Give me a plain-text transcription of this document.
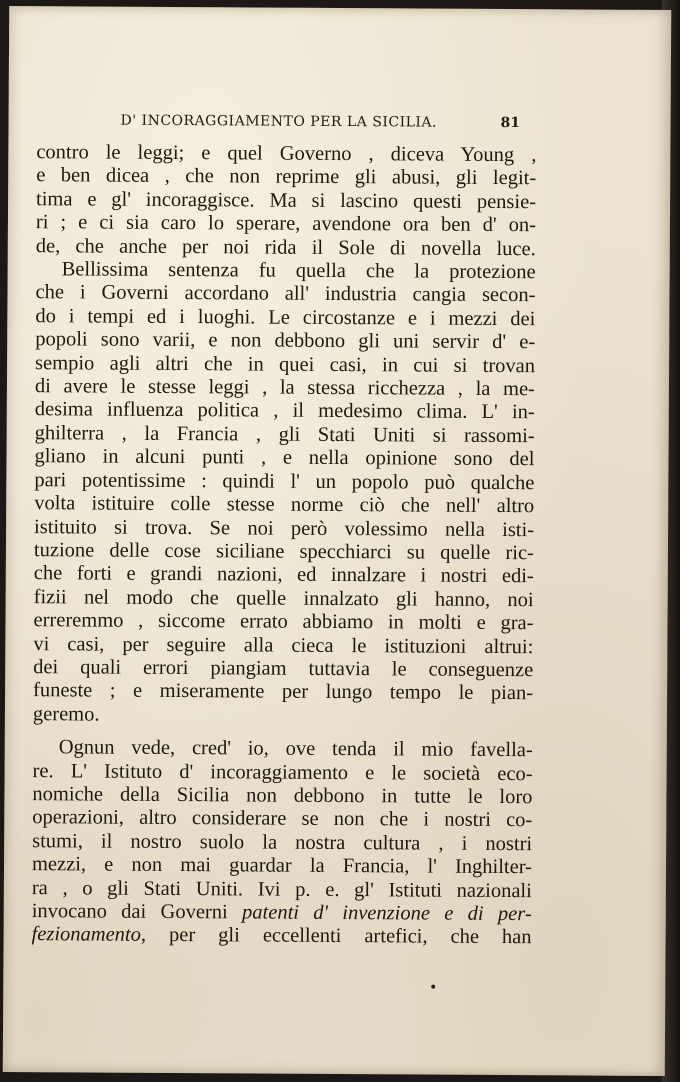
D' INCORAGGIAMENTO PER LA SICILIA.	81

contro le leggi; e quel Governo , diceva Young ,
e ben dicea , che non reprime gli abusi, gli legit-
tima e gl' incoraggisce. Ma si lascino questi pensie-
ri ; e ci sia caro lo sperare, avendone ora ben d' on-
de, che anche per noi rida il Sole di novella luce.

Bellissima sentenza fu quella che la protezione
che i Governi accordano all' industria cangia secon-
do i tempi ed i luoghi. Le circostanze e i mezzi dei
popoli sono varii, e non debbono gli uni servir d' e-
sempio agli altri che in quei casi, in cui si trovan
di avere le stesse leggi , la stessa ricchezza , la me-
desima influenza politica , il medesimo clima. L' in-
ghilterra , la Francia , gli Stati Uniti si rassomi-
gliano in alcuni punti , e nella opinione sono del
pari potentissime : quindi l' un popolo può qualche
volta istituire colle stesse norme ciò che nell' altro
istituito si trova. Se noi però volessimo nella isti-
tuzione delle cose siciliane specchiarci su quelle ric-
che forti e grandi nazioni, ed innalzare i nostri edi-
fizii nel modo che quelle innalzato gli hanno, noi
erreremmo , siccome errato abbiamo in molti e gra-
vi casi, per seguire alla cieca le istituzioni altrui:
dei quali errori piangiam tuttavia le conseguenze
funeste ; e miseramente per lungo tempo le pian-
geremo.

Ognun vede, cred' io, ove tenda il mio favella-
re. L' Istituto d' incoraggiamento e le società eco-
nomiche della Sicilia non debbono in tutte le loro
operazioni, altro considerare se non che i nostri co-
stumi, il nostro suolo la nostra cultura , i nostri
mezzi, e non mai guardar la Francia, l' Inghilter-
ra , o gli Stati Uniti. Ivi p. e. gl' Istituti nazionali
invocano dai Governi patenti d' invenzione e di per-
fezionamento, per gli eccellenti artefici, che han
